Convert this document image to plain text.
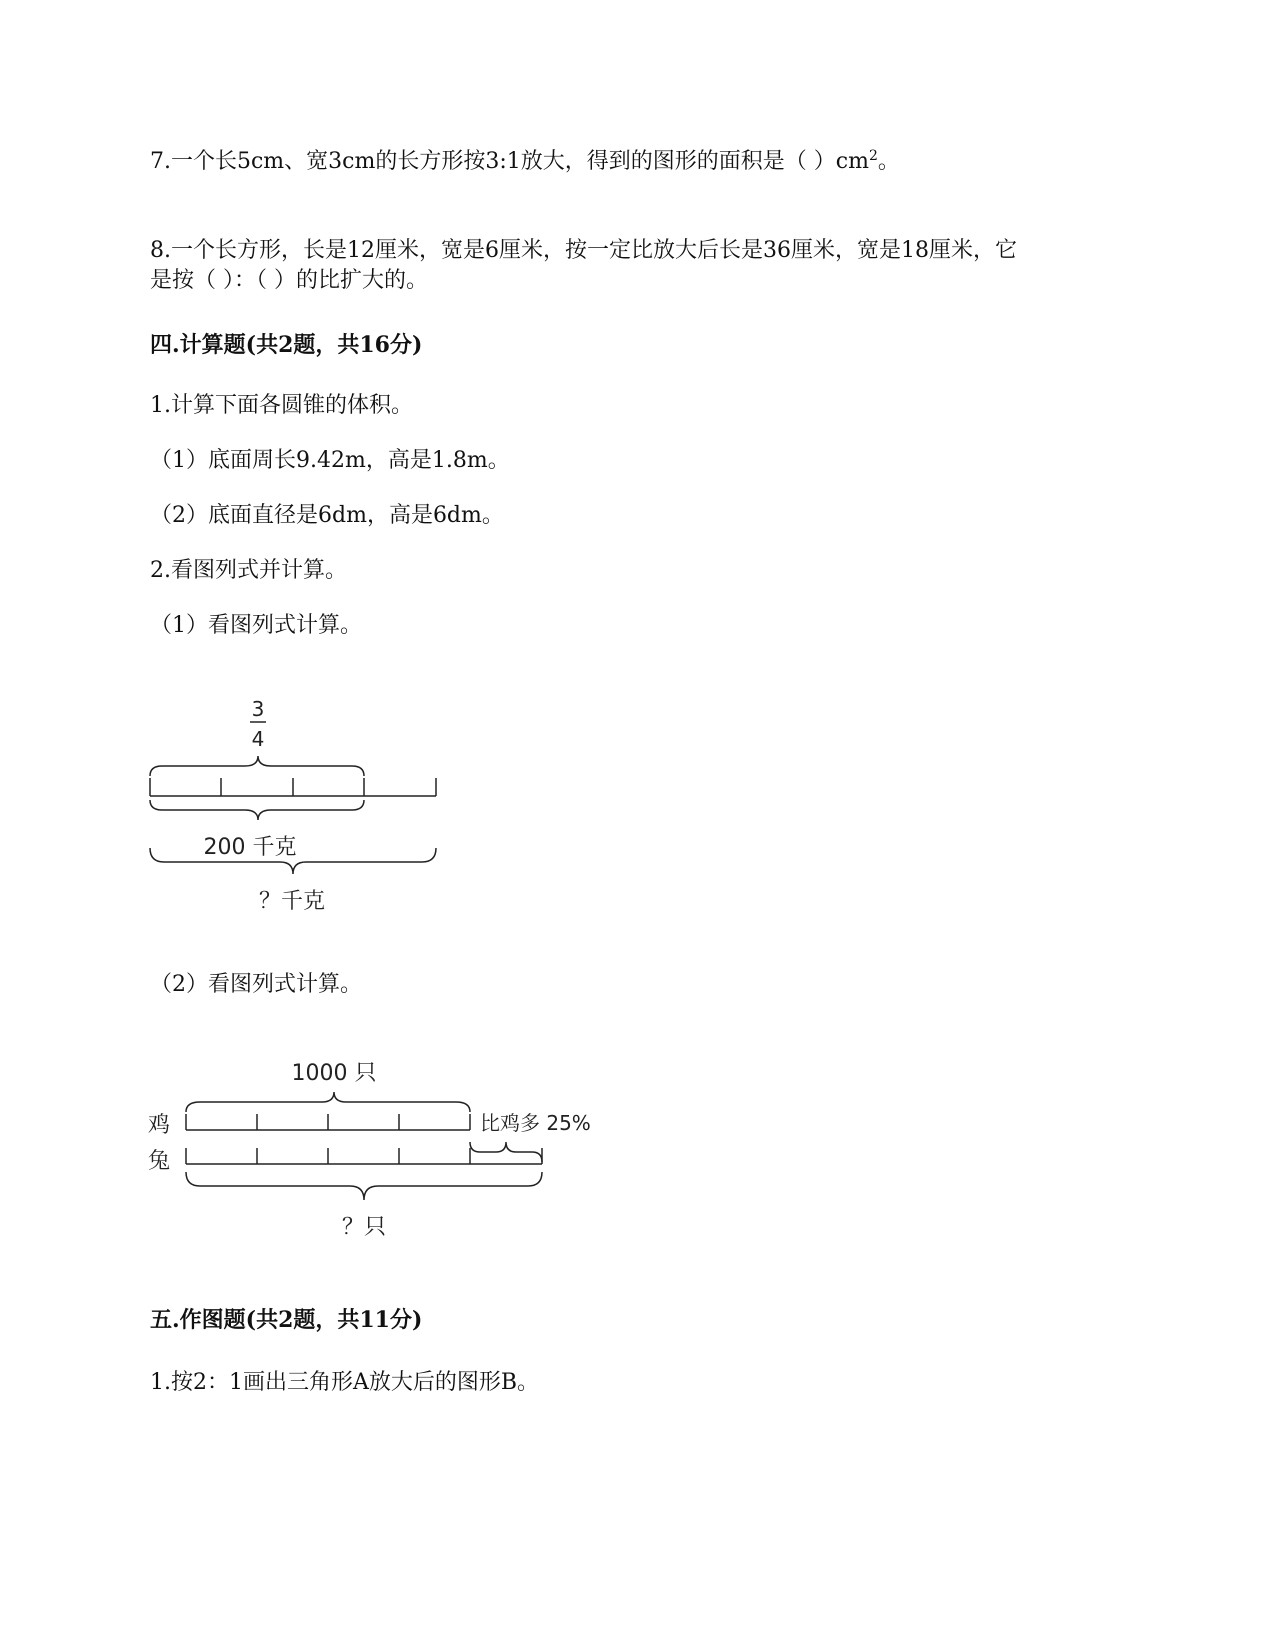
7.一个长5cm、宽3cm的长方形按3:1放大，得到的图形的面积是（ ）$cm^2$。
8.一个长方形，长是12厘米，宽是6厘米，按一定比放大后长是36厘米，宽是18厘米，它
是按（ ）：（ ）的比扩大的。
四.计算题(共2题，共16分)
1.计算下面各圆锥的体积。
（1）底面周长9.42m，高是1.8m。
（2）底面直径是6dm，高是6dm。
2.看图列式并计算。
（1）看图列式计算。
3
4
200 千克
？千克
（2）看图列式计算。
1000 只
鸡	比鸡多 25%
兔
？只
五.作图题(共2题，共11分)
1.按2：1画出三角形A放大后的图形B。
